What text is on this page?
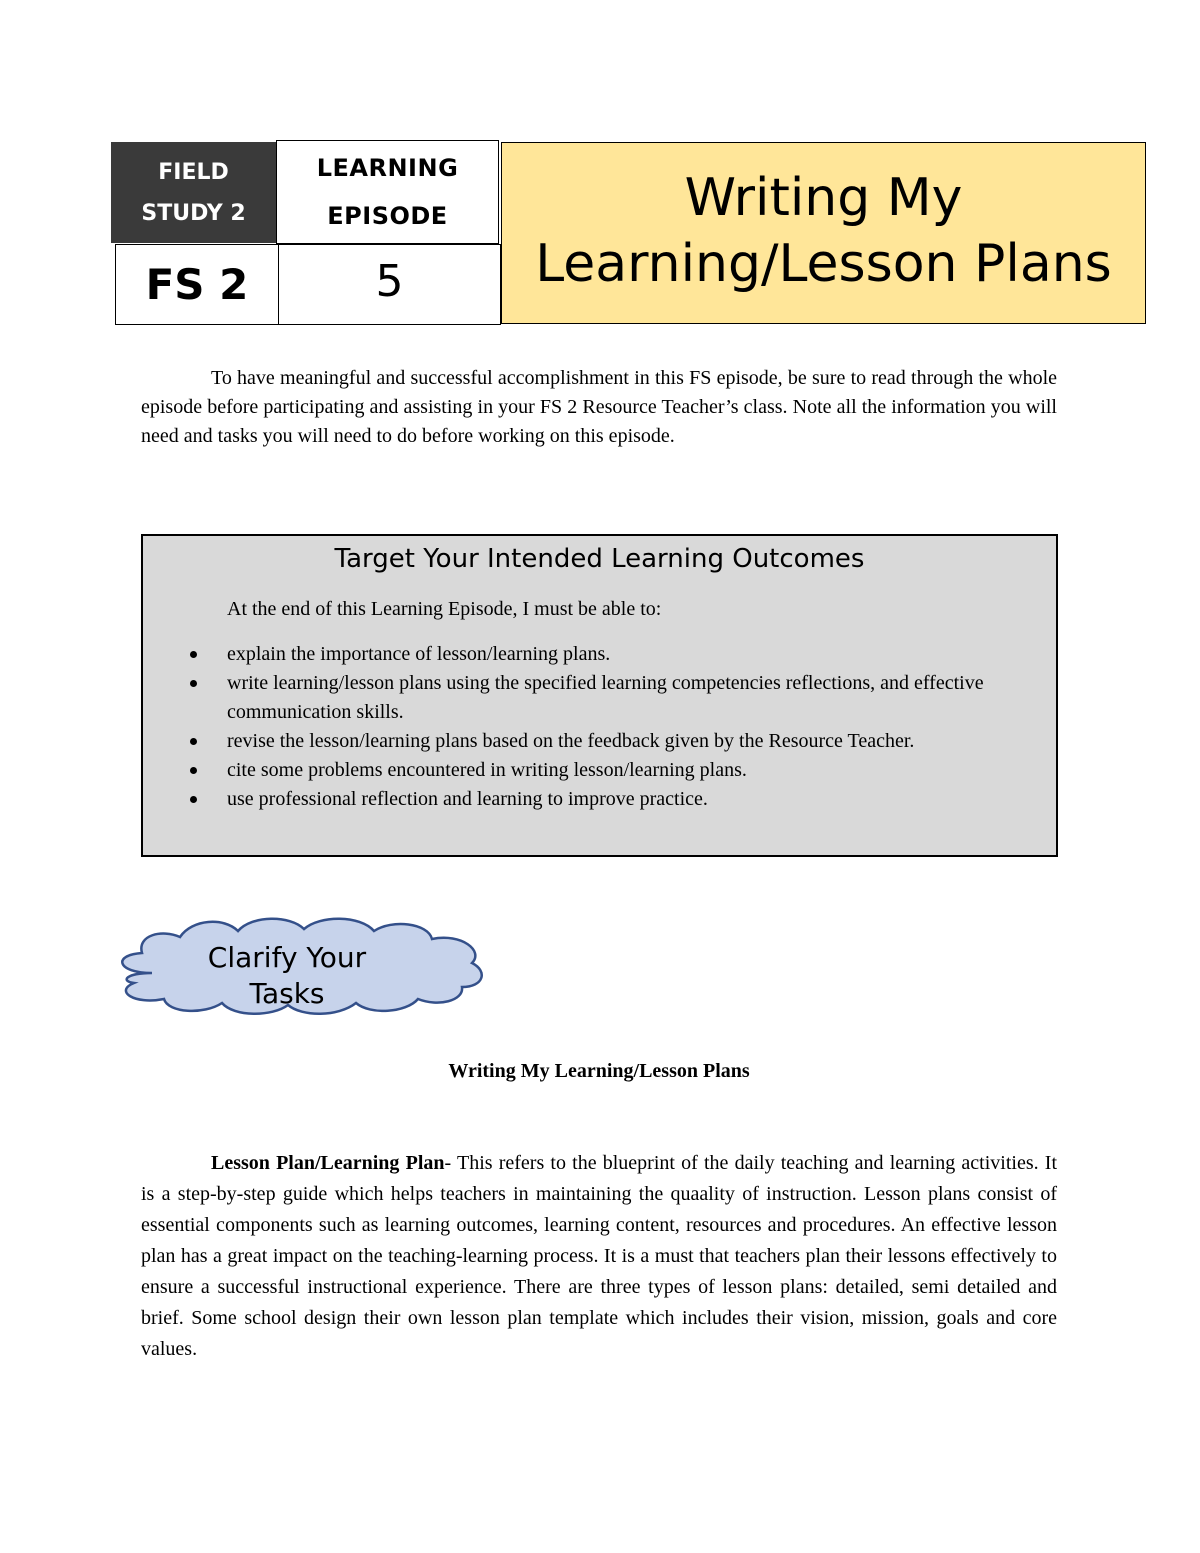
FIELD
STUDY 2
LEARNING
EPISODE
FS 2	5
Writing My
Learning/Lesson Plans
To have meaningful and successful accomplishment in this FS episode, be sure to read through the whole episode before participating and assisting in your FS 2 Resource Teacher’s class. Note all the information you will need and tasks you will need to do before working on this episode.
Target Your Intended Learning Outcomes
At the end of this Learning Episode, I must be able to:
explain the importance of lesson/learning plans.
write learning/lesson plans using the specified learning competencies reflections, and effective communication skills.
revise the lesson/learning plans based on the feedback given by the Resource Teacher.
cite some problems encountered in writing lesson/learning plans.
use professional reflection and learning to improve practice.
Clarify Your
Tasks
Writing My Learning/Lesson Plans
Lesson Plan/Learning Plan- This refers to the blueprint of the daily teaching and learning activities. It is a step-by-step guide which helps teachers in maintaining the quaality of instruction. Lesson plans consist of essential components such as learning outcomes, learning content, resources and procedures. An effective lesson plan has a great impact on the teaching-learning process. It is a must that teachers plan their lessons effectively to ensure a successful instructional experience. There are three types of lesson plans: detailed, semi detailed and brief. Some school design their own lesson plan template which includes their vision, mission, goals and core values.
